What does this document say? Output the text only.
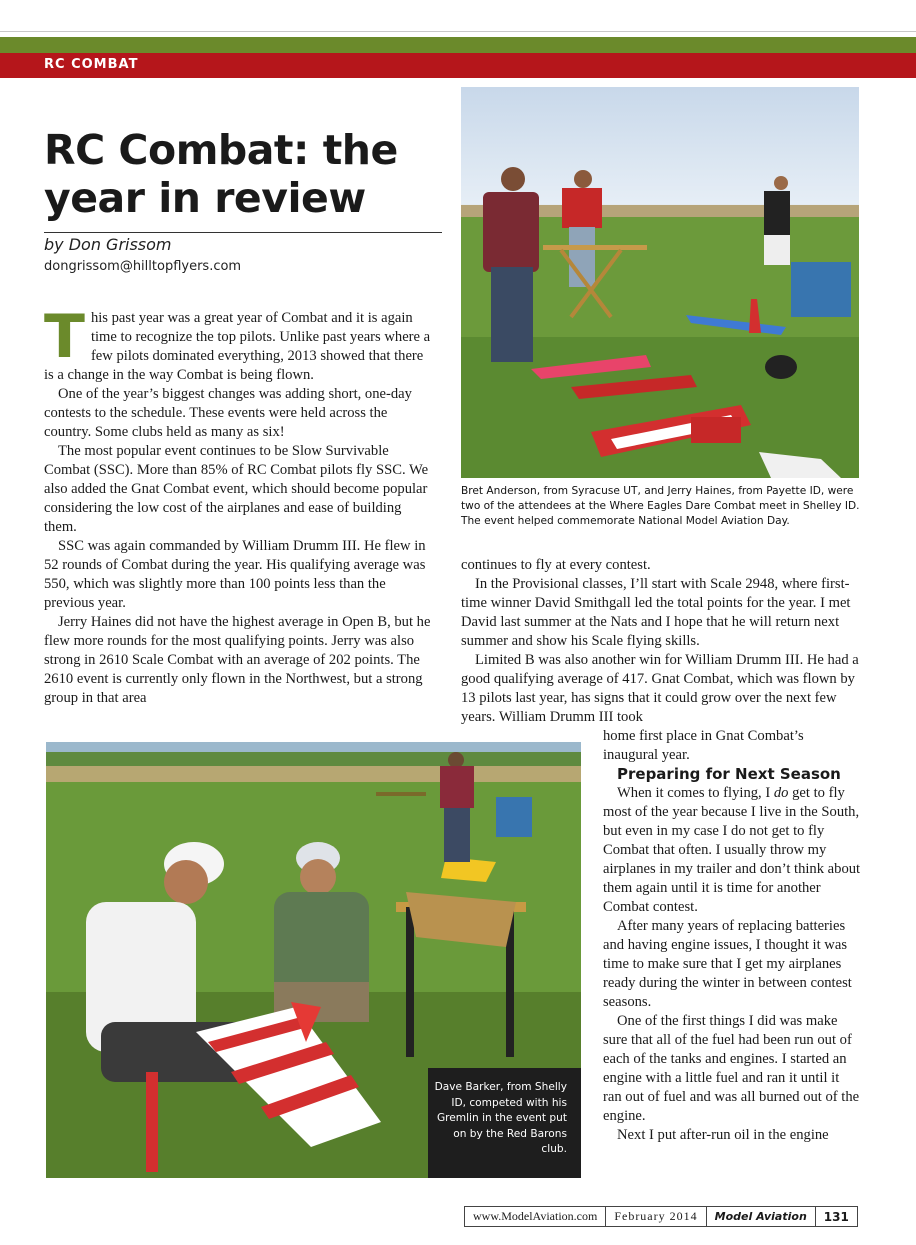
RC COMBAT
RC Combat: the year in review
by Don Grissom
dongrissom@hilltopflyers.com
Bret Anderson, from Syracuse UT, and Jerry Haines, from Payette ID, were two of the attendees at the Where Eagles Dare Combat meet in Shelley ID. The event helped commemorate National Model Aviation Day.
Dave Barker, from Shelly ID, competed with his Gremlin in the event put on by the Red Barons club.

This past year was a great year of Combat and it is again time to recognize the top pilots. Unlike past years where a few pilots dominated everything, 2013 showed that there is a change in the way Combat is being flown.

One of the year’s biggest changes was adding short, one-day contests to the schedule. These events were held across the country. Some clubs held as many as six!

The most popular event continues to be Slow Survivable Combat (SSC). More than 85% of RC Combat pilots fly SSC. We also added the Gnat Combat event, which should become popular considering the low cost of the airplanes and ease of building them.

SSC was again commanded by William Drumm III. He flew in 52 rounds of Combat during the year. His qualifying average was 550, which was slightly more than 100 points less than the previous year.

Jerry Haines did not have the highest average in Open B, but he flew more rounds for the most qualifying points. Jerry was also strong in 2610 Scale Combat with an average of 202 points. The 2610 event is currently only flown in the Northwest, but a strong group in that area

continues to fly at every contest.

In the Provisional classes, I’ll start with Scale 2948, where first-time winner David Smithgall led the total points for the year. I met David last summer at the Nats and I hope that he will return next summer and show his Scale flying skills.

Limited B was also another win for William Drumm III. He had a good qualifying average of 417. Gnat Combat, which was flown by 13 pilots last year, has signs that it could grow over the next few years. William Drumm III took

home first place in Gnat Combat’s inaugural year.

Preparing for Next Season

When it comes to flying, I do get to fly most of the year because I live in the South, but even in my case I do not get to fly Combat that often. I usually throw my airplanes in my trailer and don’t think about them again until it is time for another Combat contest.

After many years of replacing batteries and having engine issues, I thought it was time to make sure that I get my airplanes ready during the winter in between contest seasons.

One of the first things I did was make sure that all of the fuel had been run out of each of the tanks and engines. I started an engine with a little fuel and ran it until it ran out of fuel and was all burned out of the engine.

Next I put after-run oil in the engine

www.ModelAviation.com	February 2014	Model Aviation	131
